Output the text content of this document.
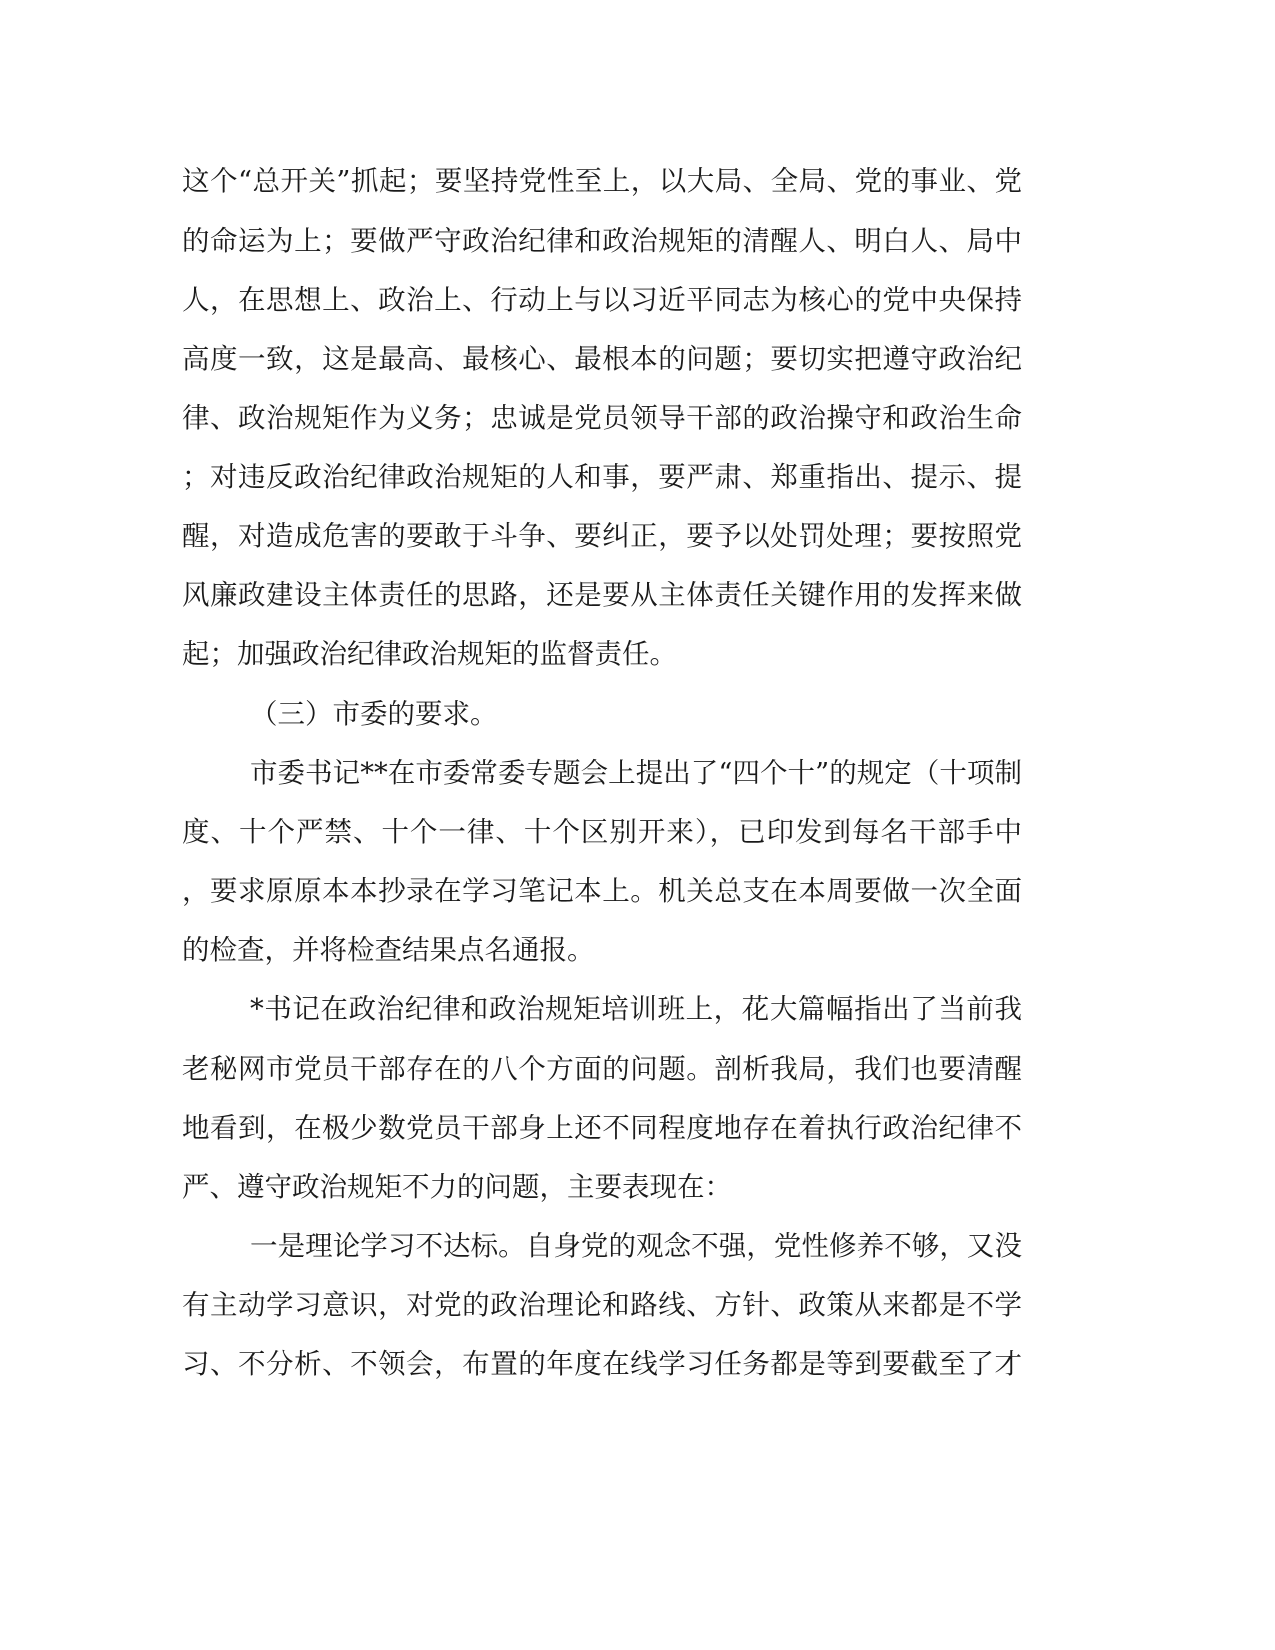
这个“总开关”抓起；要坚持党性至上，以大局、全局、党的事业、党
的命运为上；要做严守政治纪律和政治规矩的清醒人、明白人、局中
人，在思想上、政治上、行动上与以习近平同志为核心的党中央保持
高度一致，这是最高、最核心、最根本的问题；要切实把遵守政治纪
律、政治规矩作为义务；忠诚是党员领导干部的政治操守和政治生命
；对违反政治纪律政治规矩的人和事，要严肃、郑重指出、提示、提
醒，对造成危害的要敢于斗争、要纠正，要予以处罚处理；要按照党
风廉政建设主体责任的思路，还是要从主体责任关键作用的发挥来做
起；加强政治纪律政治规矩的监督责任。
（三）市委的要求。
市委书记**在市委常委专题会上提出了“四个十”的规定（十项制
度、十个严禁、十个一律、十个区别开来），已印发到每名干部手中
，要求原原本本抄录在学习笔记本上。机关总支在本周要做一次全面
的检查，并将检查结果点名通报。
*书记在政治纪律和政治规矩培训班上，花大篇幅指出了当前我
老秘网市党员干部存在的八个方面的问题。剖析我局，我们也要清醒
地看到，在极少数党员干部身上还不同程度地存在着执行政治纪律不
严、遵守政治规矩不力的问题，主要表现在：
一是理论学习不达标。自身党的观念不强，党性修养不够，又没
有主动学习意识，对党的政治理论和路线、方针、政策从来都是不学
习、不分析、不领会，布置的年度在线学习任务都是等到要截至了才
